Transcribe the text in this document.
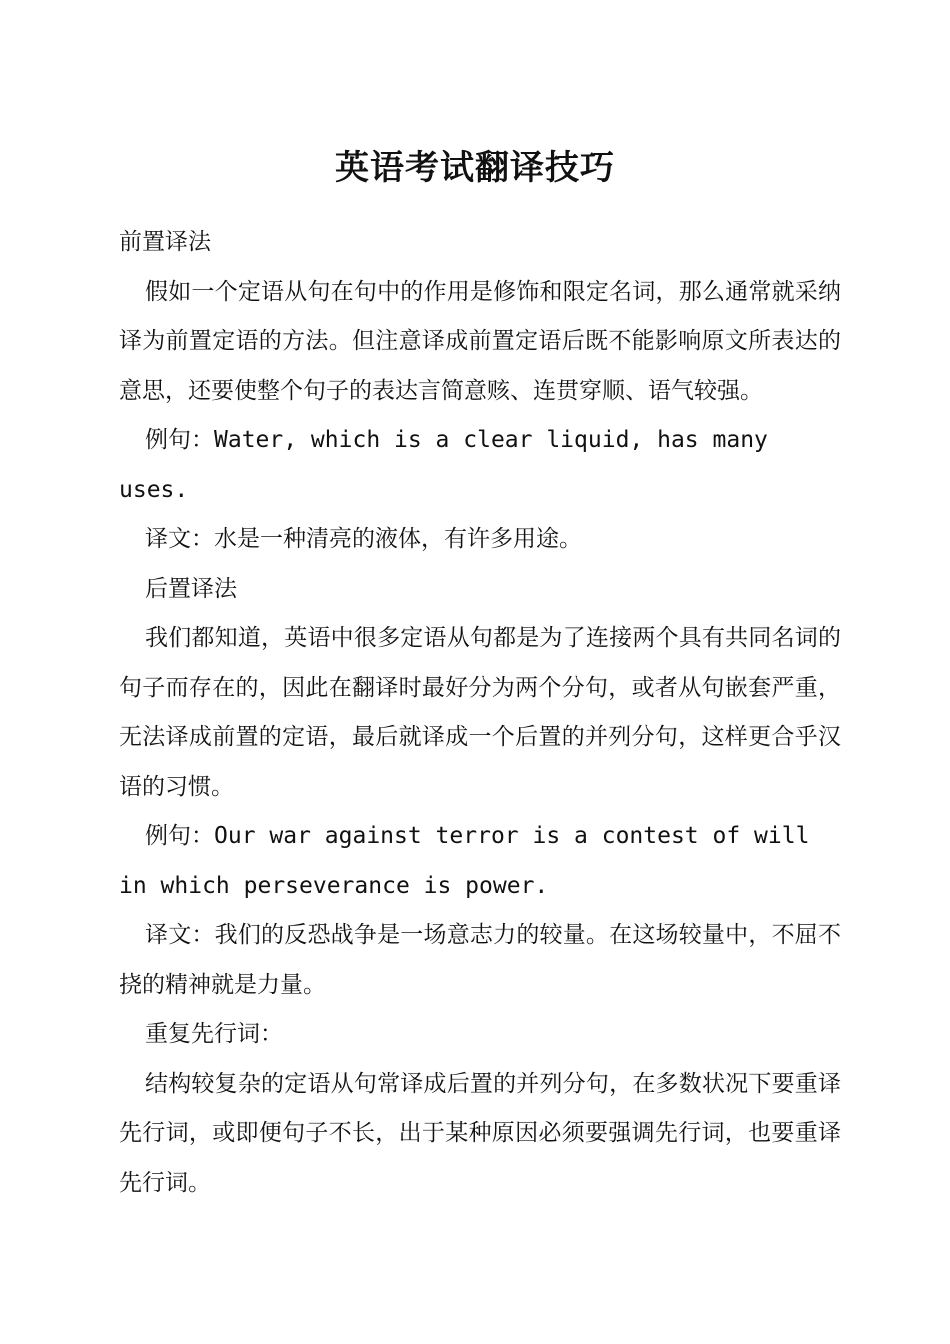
英语考试翻译技巧

前置译法

假如一个定语从句在句中的作用是修饰和限定名词，那么通常就采纳译为前置定语的方法。但注意译成前置定语后既不能影响原文所表达的意思，还要使整个句子的表达言简意赅、连贯穿顺、语气较强。

例句：Water, which is a clear liquid, has many uses.

译文：水是一种清亮的液体，有许多用途。

后置译法

我们都知道，英语中很多定语从句都是为了连接两个具有共同名词的句子而存在的，因此在翻译时最好分为两个分句，或者从句嵌套严重，无法译成前置的定语，最后就译成一个后置的并列分句，这样更合乎汉语的习惯。

例句：Our war against terror is a contest of will in which perseverance is power.

译文：我们的反恐战争是一场意志力的较量。在这场较量中，不屈不挠的精神就是力量。

重复先行词：

结构较复杂的定语从句常译成后置的并列分句，在多数状况下要重译先行词，或即便句子不长，出于某种原因必须要强调先行词，也要重译先行词。
